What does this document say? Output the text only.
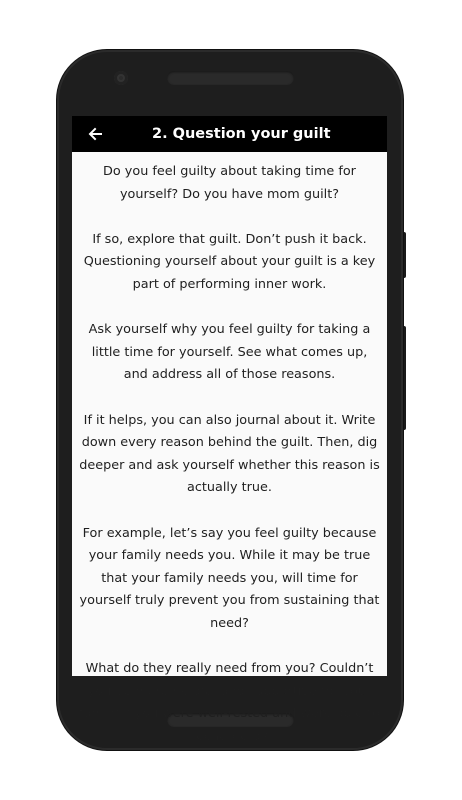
2. Question your guilt

Do you feel guilty about taking time for yourself? Do you have mom guilt?

If so, explore that guilt. Don’t push it back. Questioning yourself about your guilt is a key part of performing inner work.

Ask yourself why you feel guilty for taking a little time for yourself. See what comes up, and address all of those reasons.

If it helps, you can also journal about it. Write down every reason behind the guilt. Then, dig deeper and ask yourself whether this reason is actually true.

For example, let’s say you feel guilty because your family needs you. While it may be true that your family needs you, will time for yourself truly prevent you from sustaining that need?

What do they really need from you? Couldn’t you be more helpful and supportive for your family if you were well-rested and were able to recharge by
